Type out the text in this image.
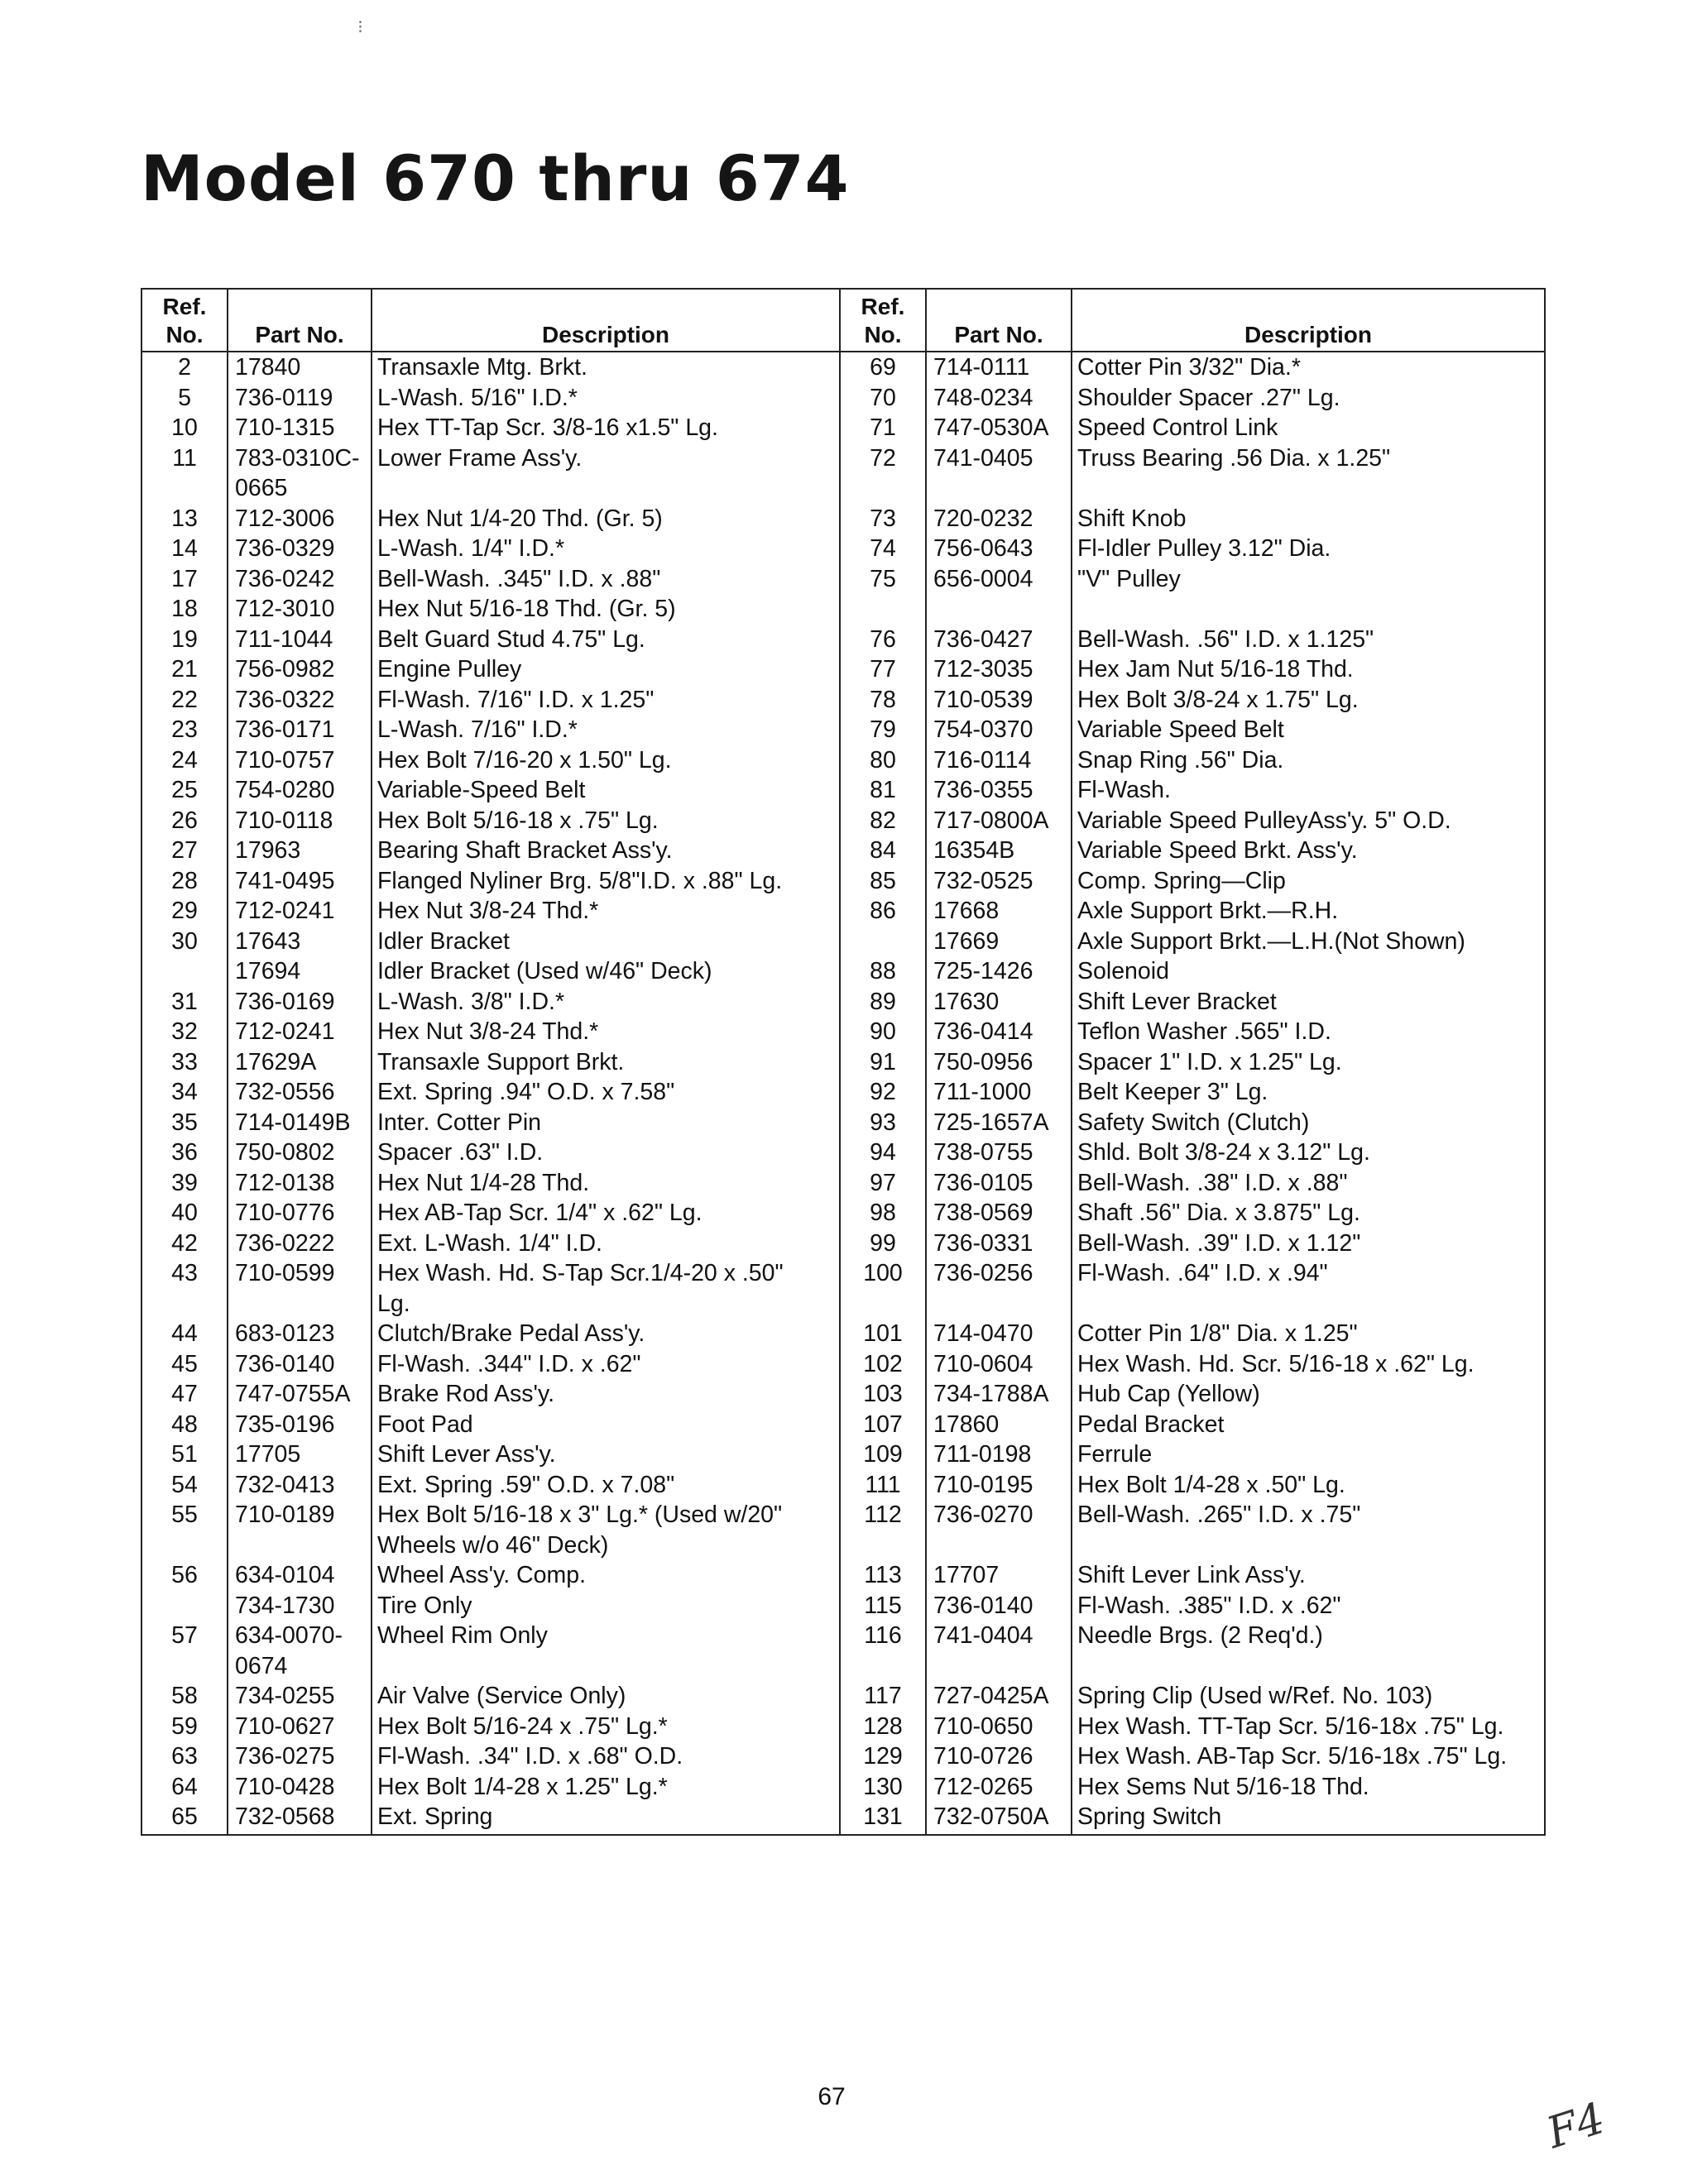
⁝
Model 670 thru 674
Ref.
No.	Part No.	Description	Ref.
No.	Part No.	Description
2	17840	Transaxle Mtg. Brkt.	69	714-0111	Cotter Pin 3/32" Dia.*
5	736-0119	L-Wash. 5/16" I.D.*	70	748-0234	Shoulder Spacer .27" Lg.
10	710-1315	Hex TT-Tap Scr. 3/8-16 x1.5" Lg.	71	747-0530A	Speed Control Link
11	783-0310C-	Lower Frame Ass'y.	72	741-0405	Truss Bearing .56 Dia. x 1.25"
	0665				
13	712-3006	Hex Nut 1/4-20 Thd. (Gr. 5)	73	720-0232	Shift Knob
14	736-0329	L-Wash. 1/4" I.D.*	74	756-0643	Fl-Idler Pulley 3.12" Dia.
17	736-0242	Bell-Wash. .345" I.D. x .88"	75	656-0004	"V" Pulley
18	712-3010	Hex Nut 5/16-18 Thd. (Gr. 5)			
19	711-1044	Belt Guard Stud 4.75" Lg.	76	736-0427	Bell-Wash. .56" I.D. x 1.125"
21	756-0982	Engine Pulley	77	712-3035	Hex Jam Nut 5/16-18 Thd.
22	736-0322	Fl-Wash. 7/16" I.D. x 1.25"	78	710-0539	Hex Bolt 3/8-24 x 1.75" Lg.
23	736-0171	L-Wash. 7/16" I.D.*	79	754-0370	Variable Speed Belt
24	710-0757	Hex Bolt 7/16-20 x 1.50" Lg.	80	716-0114	Snap Ring .56" Dia.
25	754-0280	Variable-Speed Belt	81	736-0355	Fl-Wash.
26	710-0118	Hex Bolt 5/16-18 x .75" Lg.	82	717-0800A	Variable Speed PulleyAss'y. 5" O.D.
27	17963	Bearing Shaft Bracket Ass'y.	84	16354B	Variable Speed Brkt. Ass'y.
28	741-0495	Flanged Nyliner Brg. 5/8"I.D. x .88" Lg.	85	732-0525	Comp. Spring—Clip
29	712-0241	Hex Nut 3/8-24 Thd.*	86	17668	Axle Support Brkt.—R.H.
30	17643	Idler Bracket		17669	Axle Support Brkt.—L.H.(Not Shown)
	17694	Idler Bracket (Used w/46" Deck)	88	725-1426	Solenoid
31	736-0169	L-Wash. 3/8" I.D.*	89	17630	Shift Lever Bracket
32	712-0241	Hex Nut 3/8-24 Thd.*	90	736-0414	Teflon Washer .565" I.D.
33	17629A	Transaxle Support Brkt.	91	750-0956	Spacer 1" I.D. x 1.25" Lg.
34	732-0556	Ext. Spring .94" O.D. x 7.58"	92	711-1000	Belt Keeper 3" Lg.
35	714-0149B	Inter. Cotter Pin	93	725-1657A	Safety Switch (Clutch)
36	750-0802	Spacer .63" I.D.	94	738-0755	Shld. Bolt 3/8-24 x 3.12" Lg.
39	712-0138	Hex Nut 1/4-28 Thd.	97	736-0105	Bell-Wash. .38" I.D. x .88"
40	710-0776	Hex AB-Tap Scr. 1/4" x .62" Lg.	98	738-0569	Shaft .56" Dia. x 3.875" Lg.
42	736-0222	Ext. L-Wash. 1/4" I.D.	99	736-0331	Bell-Wash. .39" I.D. x 1.12"
43	710-0599	Hex Wash. Hd. S-Tap Scr.1/4-20 x .50"	100	736-0256	Fl-Wash. .64" I.D. x .94"
		Lg.			
44	683-0123	Clutch/Brake Pedal Ass'y.	101	714-0470	Cotter Pin 1/8" Dia. x 1.25"
45	736-0140	Fl-Wash. .344" I.D. x .62"	102	710-0604	Hex Wash. Hd. Scr. 5/16-18 x .62" Lg.
47	747-0755A	Brake Rod Ass'y.	103	734-1788A	Hub Cap (Yellow)
48	735-0196	Foot Pad	107	17860	Pedal Bracket
51	17705	Shift Lever Ass'y.	109	711-0198	Ferrule
54	732-0413	Ext. Spring .59" O.D. x 7.08"	111	710-0195	Hex Bolt 1/4-28 x .50" Lg.
55	710-0189	Hex Bolt 5/16-18 x 3" Lg.* (Used w/20"	112	736-0270	Bell-Wash. .265" I.D. x .75"
		Wheels w/o 46" Deck)			
56	634-0104	Wheel Ass'y. Comp.	113	17707	Shift Lever Link Ass'y.
	734-1730	Tire Only	115	736-0140	Fl-Wash. .385" I.D. x .62"
57	634-0070-	Wheel Rim Only	116	741-0404	Needle Brgs. (2 Req'd.)
	0674				
58	734-0255	Air Valve (Service Only)	117	727-0425A	Spring Clip (Used w/Ref. No. 103)
59	710-0627	Hex Bolt 5/16-24 x .75" Lg.*	128	710-0650	Hex Wash. TT-Tap Scr. 5/16-18x .75" Lg.
63	736-0275	Fl-Wash. .34" I.D. x .68" O.D.	129	710-0726	Hex Wash. AB-Tap Scr. 5/16-18x .75" Lg.
64	710-0428	Hex Bolt 1/4-28 x 1.25" Lg.*	130	712-0265	Hex Sems Nut 5/16-18 Thd.
65	732-0568	Ext. Spring	131	732-0750A	Spring Switch
67	F4
